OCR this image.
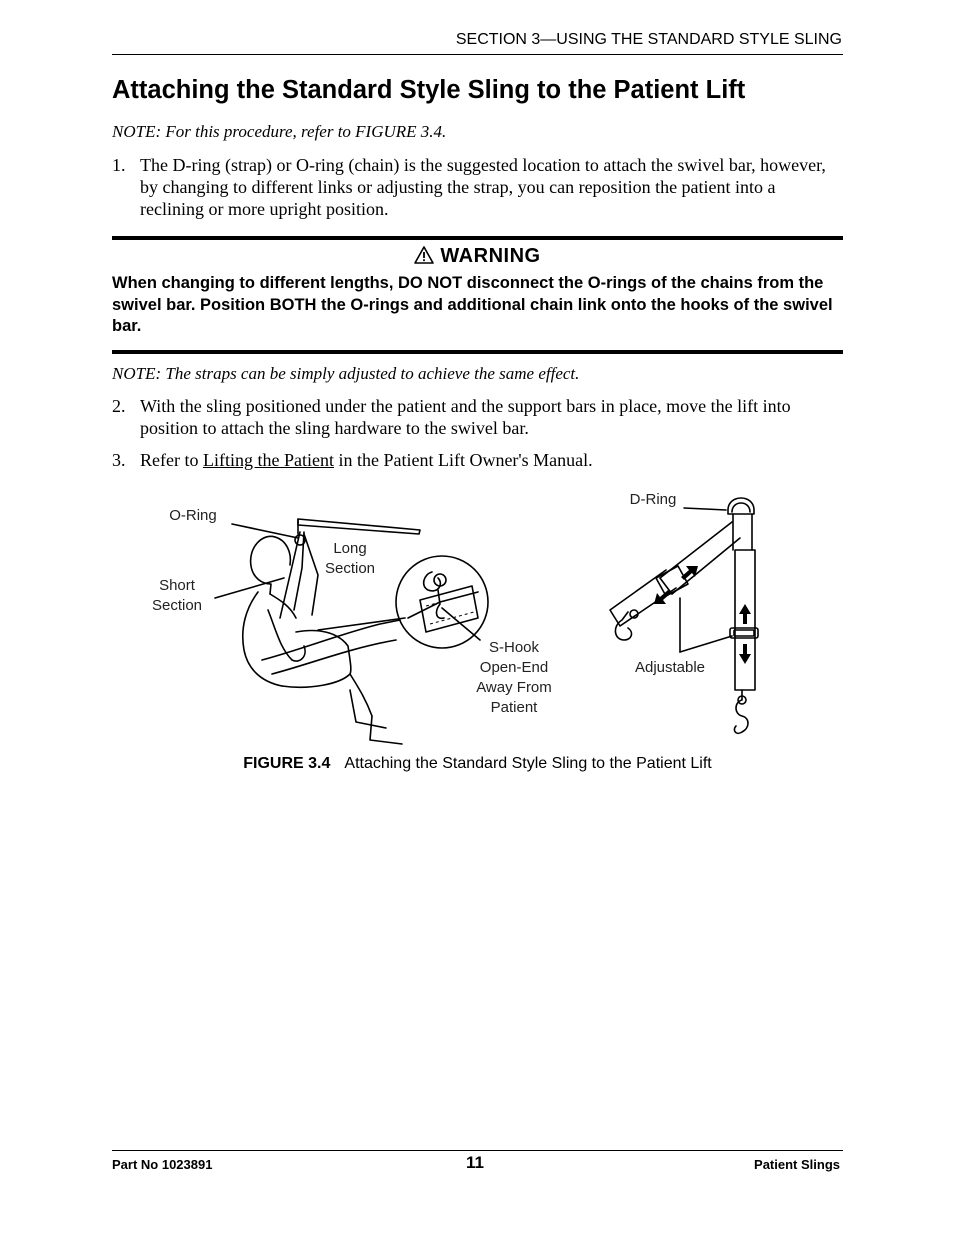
SECTION 3—USING THE STANDARD STYLE SLING
Attaching the Standard Style Sling to the Patient Lift
NOTE: For this procedure, refer to FIGURE 3.4.
1. The D-ring (strap) or O-ring (chain) is the suggested location to attach the swivel bar, however, by changing to different links or adjusting the strap, you can reposition the patient into a reclining or more upright position.
WARNING
When changing to different lengths, DO NOT disconnect the O-rings of the chains from the swivel bar. Position BOTH the O-rings and additional chain link onto the hooks of the swivel bar.
NOTE: The straps can be simply adjusted to achieve the same effect.
2. With the sling positioned under the patient and the support bars in place, move the lift into position to attach the sling hardware to the swivel bar.
3. Refer to Lifting the Patient in the Patient Lift Owner's Manual.
O-Ring
Long
Section
Short
Section
S-Hook
Open-End
Away From
Patient
D-Ring
Adjustable
FIGURE 3.4 Attaching the Standard Style Sling to the Patient Lift
Part No 1023891	11	Patient Slings
